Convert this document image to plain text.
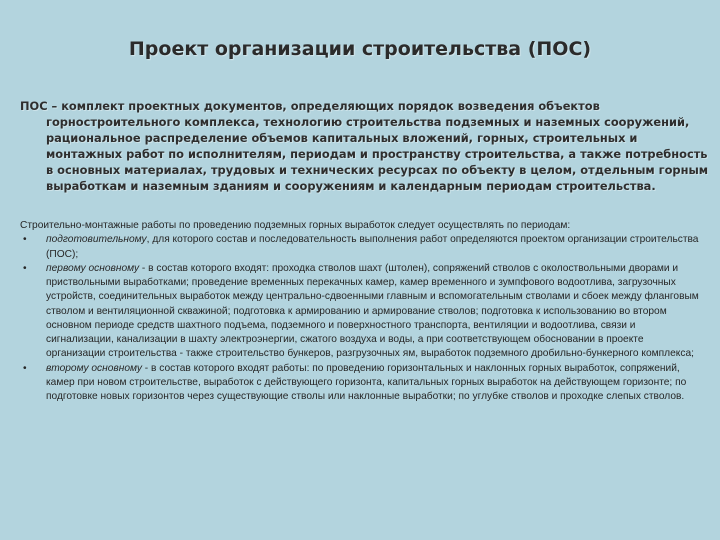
Проект организации строительства (ПОС)
ПОС – комплект проектных документов, определяющих порядок возведения объектов горностроительного комплекса, технологию строительства подземных и наземных сооружений, рациональное распределение объемов капитальных вложений, горных, строительных и монтажных работ по исполнителям, периодам и пространству строительства, а также потребность в основных материалах, трудовых и технических ресурсах по объекту в целом, отдельным горным выработкам и наземным зданиям и сооружениям и календарным периодам строительства.

Строительно-монтажные работы по проведению подземных горных выработок следует осуществлять по периодам:

• подготовительному, для которого состав и последовательность выполнения работ определяются проектом организации строительства (ПОС);

• первому основному - в состав которого входят: проходка стволов шахт (штолен), сопряжений стволов с околоствольными дворами и приствольными выработками; проведение временных перекачных камер, камер временного и зумпфового водоотлива, загрузочных устройств, соединительных выработок между центрально-сдвоенными главным и вспомогательным стволами и сбоек между фланговым стволом и вентиляционной скважиной; подготовка к армированию и армирование стволов; подготовка к использованию во втором основном периоде средств шахтного подъема, подземного и поверхностного транспорта, вентиляции и водоотлива, связи и сигнализации, канализации в шахту электроэнергии, сжатого воздуха и воды, а при соответствующем обосновании в проекте организации строительства - также строительство бункеров, разгрузочных ям, выработок подземного дробильно-бункерного комплекса;

• второму основному - в состав которого входят работы: по проведению горизонтальных и наклонных горных выработок, сопряжений, камер при новом строительстве, выработок с действующего горизонта, капитальных горных выработок на действующем горизонте; по подготовке новых горизонтов через существующие стволы или наклонные выработки; по углубке стволов и проходке слепых стволов.
